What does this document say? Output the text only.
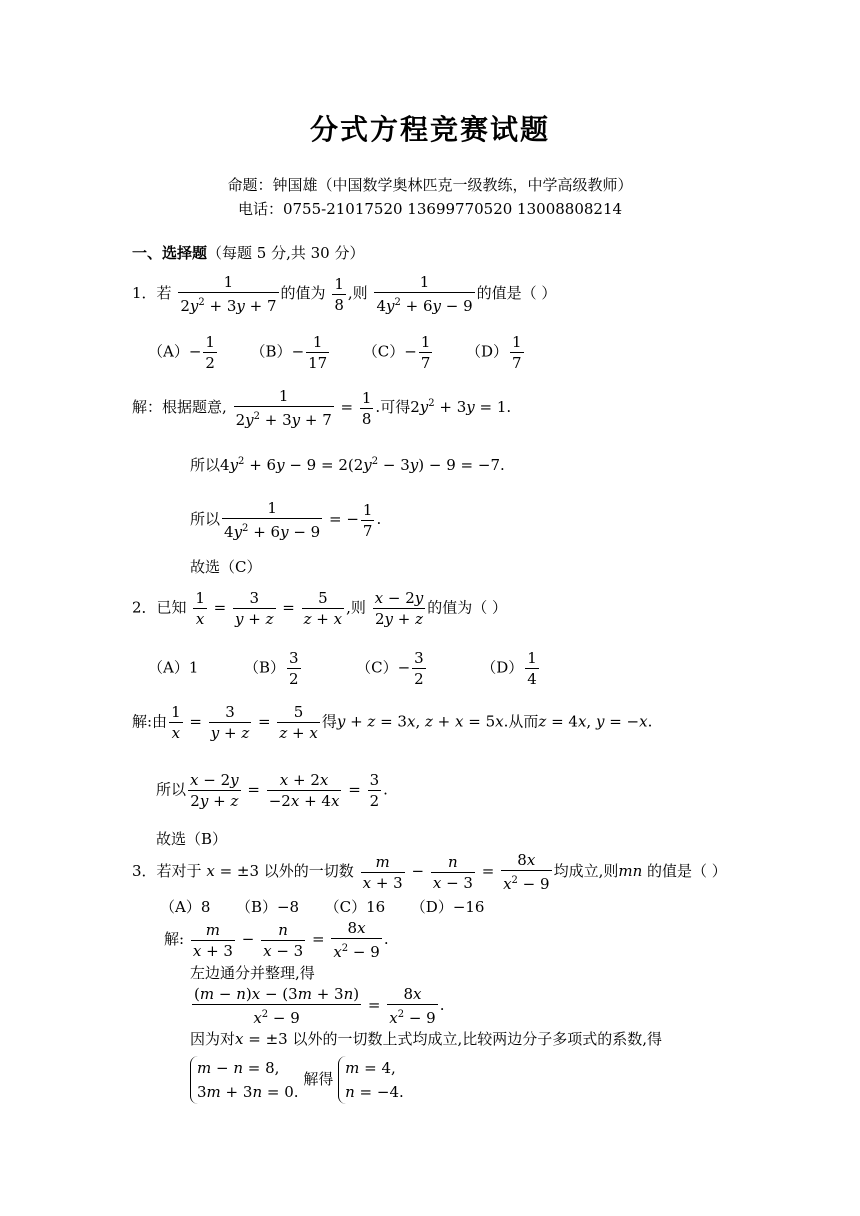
分式方程竞赛试题
命题：钟国雄（中国数学奥林匹克一级教练，中学高级教师）
电话：0755-21017520 13699770520 13008808214
一、选择题（每题 5 分,共 30 分）
1．若 $\frac{1}{2y^2 + 3y + 7}$ 的值为 $\frac{1}{8}$ ,则 $\frac{1}{4y^2 + 6y - 9}$ 的值是（ ）
$(A)- \frac{1}{2} (B)- \frac{1}{17} (C)- \frac{1}{7} (D) \frac{1}{7}$
解：根据题意, $\frac{1}{2y^2 + 3y + 7} = \frac{1}{8}$ .可得$2y^2 + 3y = 1$.
所以$4y^2 + 6y - 9 = 2(2y^2 - 3y) - 9 = -7$.
所以 $\frac{1}{4y^2 + 6y - 9}$ = − $\frac{1}{7}$ .
故选（C）
2．已知 $\frac{1}{x} = \frac{3}{y + z} = \frac{5}{z + x}$ ,则 $\frac{x - 2y}{2y + z}$ 的值为（ ）
（A）1	$(B) \frac{3}{2}$	$(C)- \frac{3}{2}$	$(D) \frac{1}{4}$
解:由 $\frac{1}{x} = \frac{3}{y + z} = \frac{5}{z + x}$ 得y + z = 3x, z + x = 5x.从而z = 4x, y = −x.
所以 $\frac{x - 2y}{2y + z} = \frac{x + 2x}{-2x + 4x} = \frac{3}{2}$ .
故选（B）
3．若对于 x = ±3 以外的一切数 $\frac{m}{x + 3} - \frac{n}{x - 3} = \frac{8x}{x^2 - 9}$ 均成立,则mn 的值是（ ）
（A）8 （B）−8 （C）16 （D）−16
解: $\frac{m}{x + 3} - \frac{n}{x - 3} = \frac{8x}{x^2 - 9}$ .
左边通分并整理,得
$\frac{(m - n)x - (3m + 3n)}{x^2 - 9} = \frac{8x}{x^2 - 9}$ .
因为对x = ±3 以外的一切数上式均成立,比较两边分子多项式的系数,得
m − n = 8,
3m + 3n = 0.
解得
m = 4,
n = −4.
